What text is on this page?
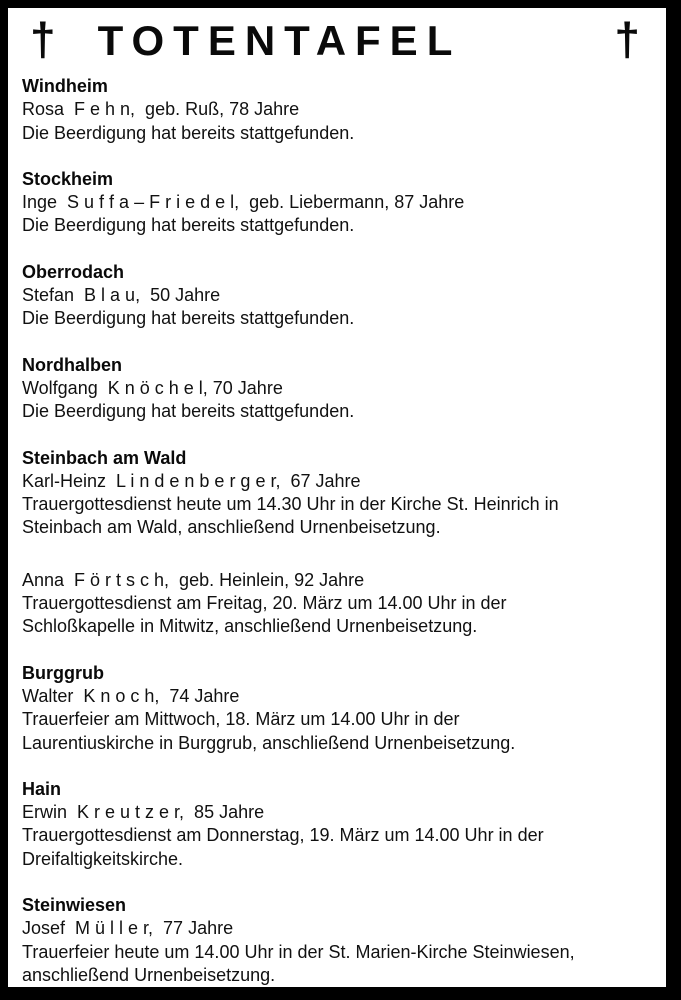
† TOTENTAFEL	†
Windheim
Rosa  F e h n,  geb. Ruß, 78 Jahre
Die Beerdigung hat bereits stattgefunden.
Stockheim
Inge  S u f f a – F r i e d e l,  geb. Liebermann, 87 Jahre
Die Beerdigung hat bereits stattgefunden.
Oberrodach
Stefan  B l a u,  50 Jahre
Die Beerdigung hat bereits stattgefunden.
Nordhalben
Wolfgang  K n ö c h e l, 70 Jahre
Die Beerdigung hat bereits stattgefunden.
Steinbach am Wald
Karl-Heinz  L i n d e n b e r g e r,  67 Jahre
Trauergottesdienst heute um 14.30 Uhr in der Kirche St. Heinrich in
Steinbach am Wald, anschließend Urnenbeisetzung.
Anna  F ö r t s c h,  geb. Heinlein, 92 Jahre
Trauergottesdienst am Freitag, 20. März um 14.00 Uhr in der
Schloßkapelle in Mitwitz, anschließend Urnenbeisetzung.
Burggrub
Walter  K n o c h,  74 Jahre
Trauerfeier am Mittwoch, 18. März um 14.00 Uhr in der
Laurentiuskirche in Burggrub, anschließend Urnenbeisetzung.
Hain
Erwin  K r e u t z e r,  85 Jahre
Trauergottesdienst am Donnerstag, 19. März um 14.00 Uhr in der
Dreifaltigkeitskirche.
Steinwiesen
Josef  M ü l l e r,  77 Jahre
Trauerfeier heute um 14.00 Uhr in der St. Marien-Kirche Steinwiesen,
anschließend Urnenbeisetzung.
